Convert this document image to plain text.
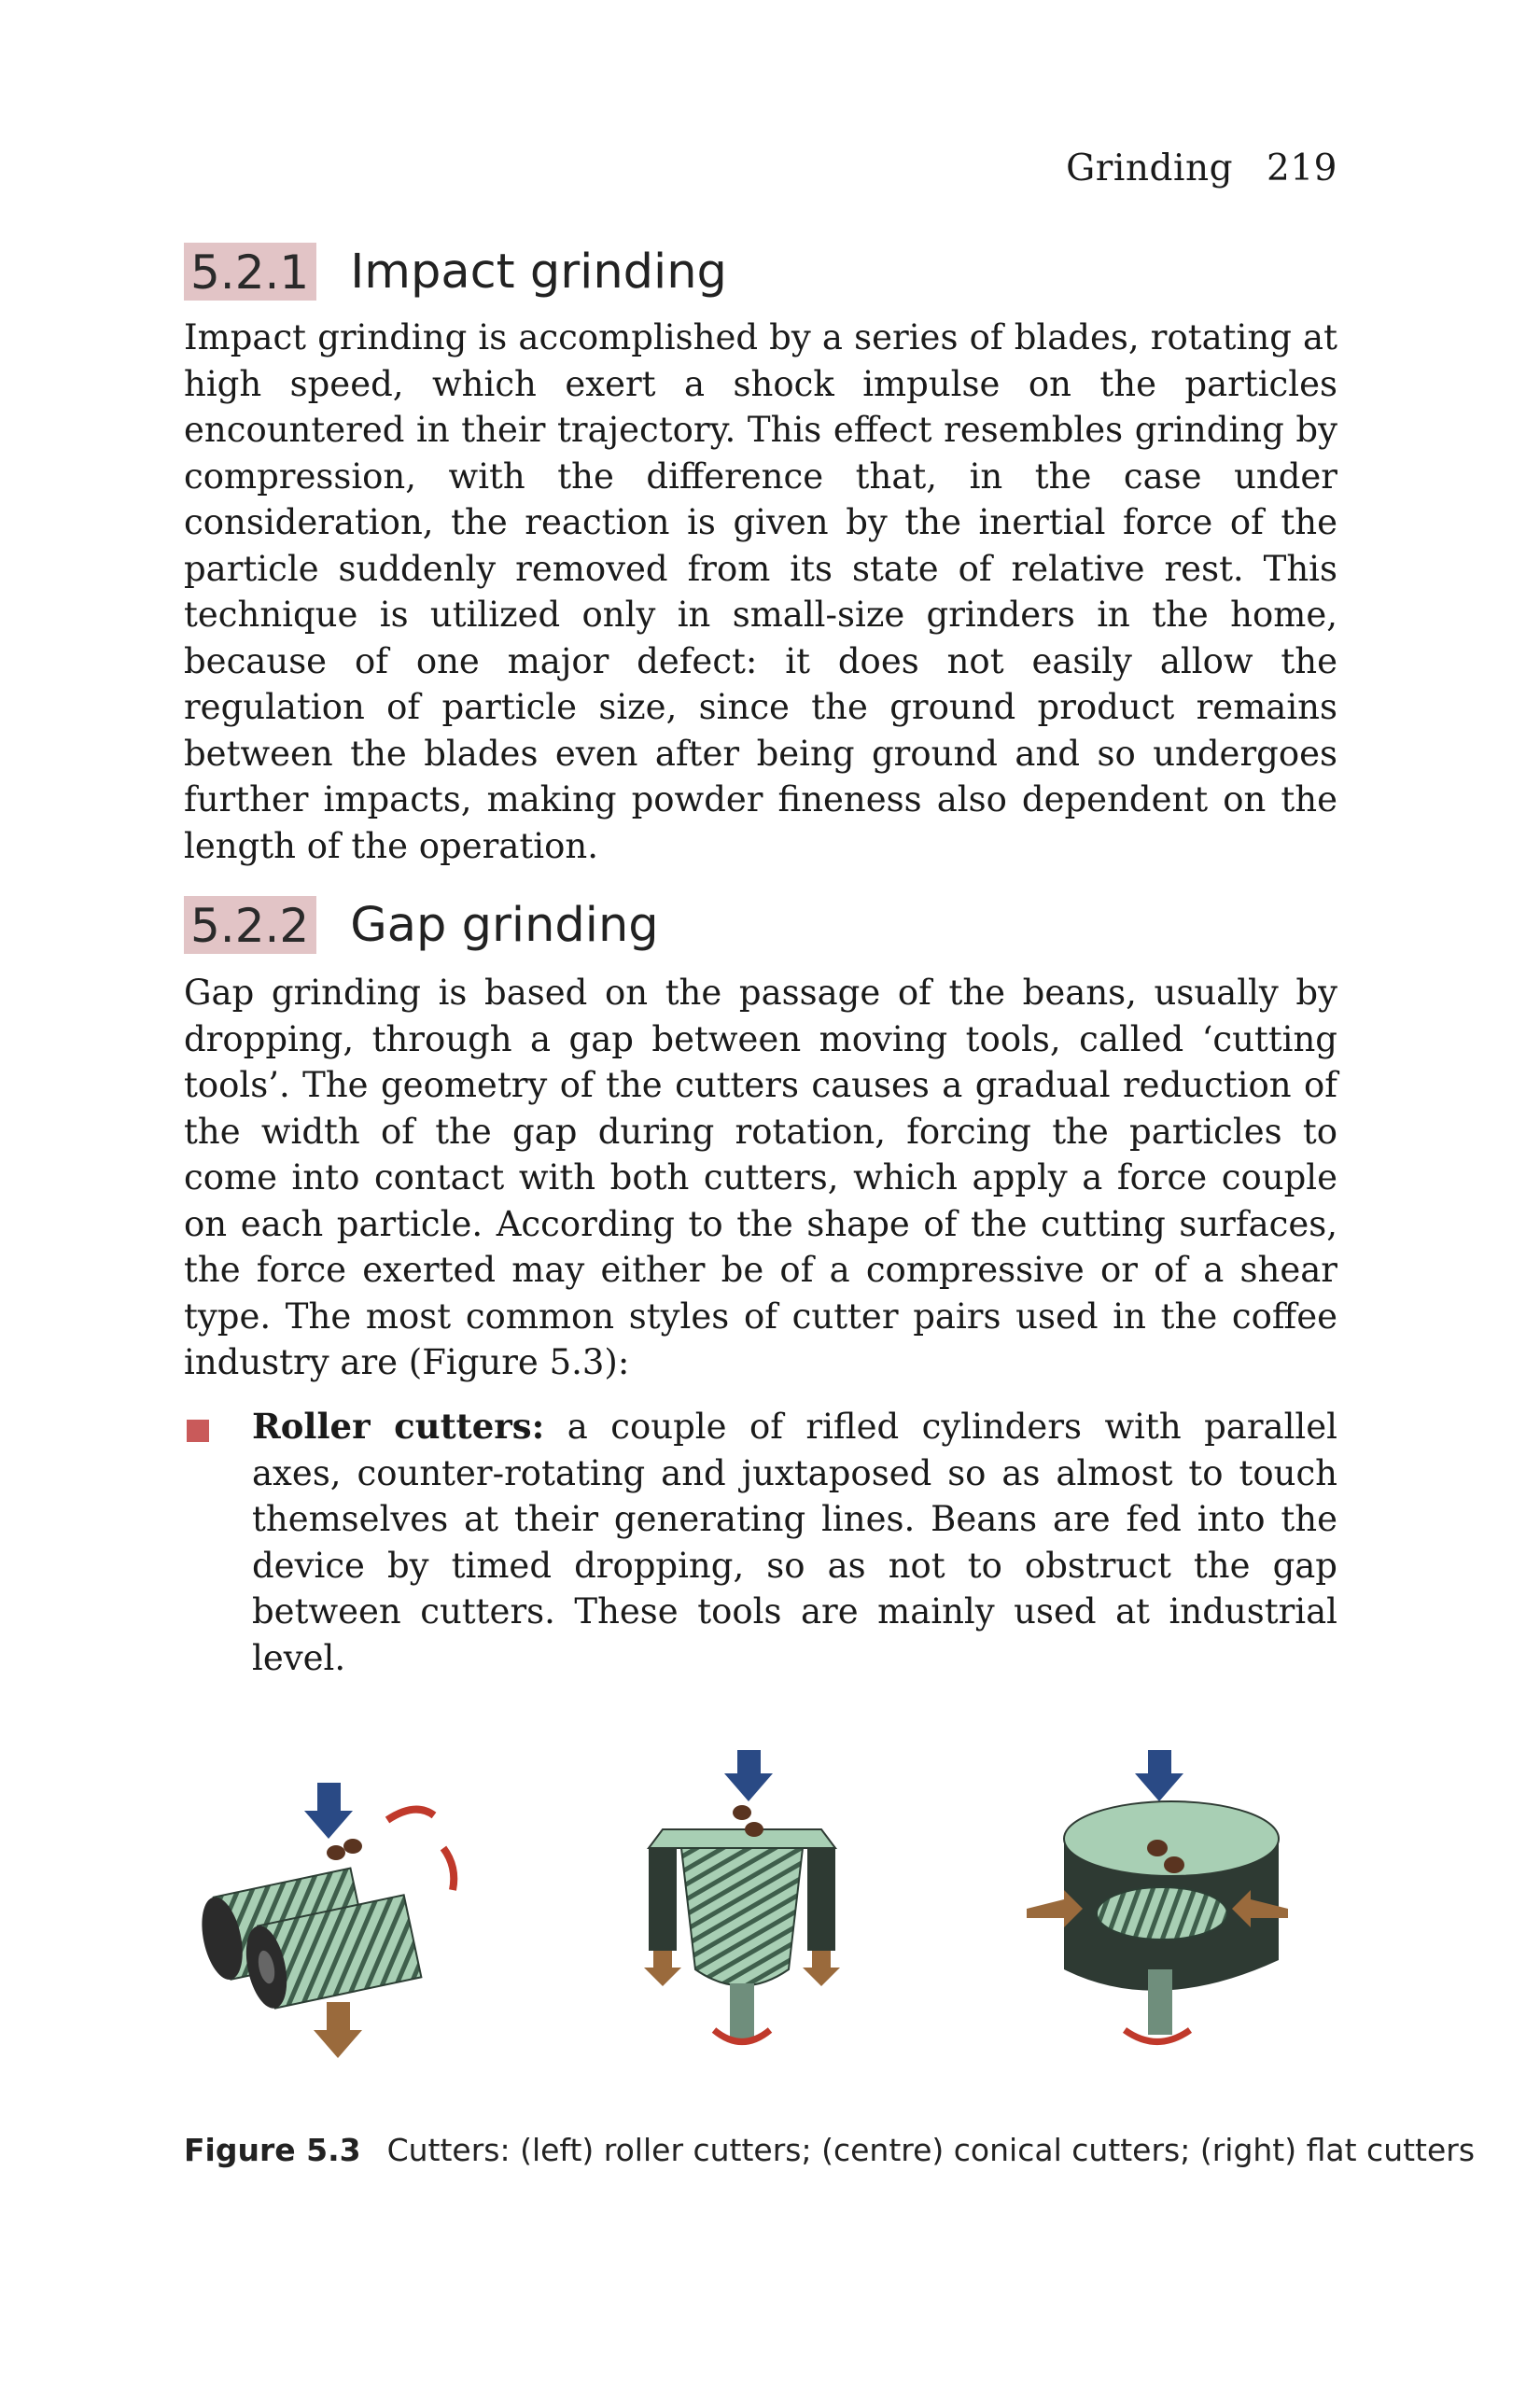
Grinding 219
5.2.1 Impact grinding

Impact grinding is accomplished by a series of blades, rotating at high speed, which exert a shock impulse on the particles encountered in their trajectory. This effect resembles grinding by compression, with the difference that, in the case under consideration, the reaction is given by the inertial force of the particle suddenly removed from its state of relative rest. This technique is utilized only in small-size grinders in the home, because of one major defect: it does not easily allow the regulation of particle size, since the ground product remains between the blades even after being ground and so undergoes further impacts, making powder fineness also dependent on the length of the operation.

5.2.2 Gap grinding

Gap grinding is based on the passage of the beans, usually by dropping, through a gap between moving tools, called ‘cutting tools’. The geometry of the cutters causes a gradual reduction of the width of the gap during rotation, forcing the particles to come into contact with both cutters, which apply a force couple on each particle. According to the shape of the cutting surfaces, the force exerted may either be of a compressive or of a shear type. The most common styles of cutter pairs used in the coffee industry are (Figure 5.3):

Roller cutters: a couple of rifled cylinders with parallel axes, counter-rotating and juxtaposed so as almost to touch themselves at their generating lines. Beans are fed into the device by timed dropping, so as not to obstruct the gap between cutters. These tools are mainly used at industrial level.

Figure 5.3 Cutters: (left) roller cutters; (centre) conical cutters; (right) flat cutters
